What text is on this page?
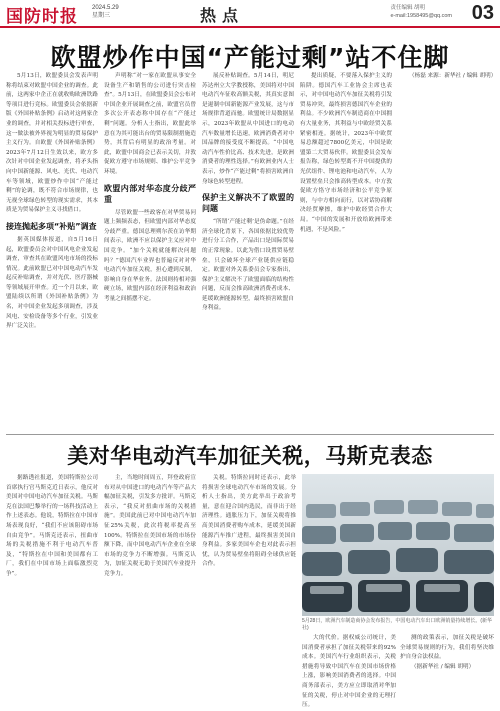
国防时报 2024.5.29
星期三	热点	责任编辑 胡明
e-mail:1958495@qq.com 03
欧盟炒作中国“产能过剩”站不住脚

5月13日，欧盟委员会发表声明称将结束对欧盟中国企业的调查。此前，这两家中企正在就收购欧洲铁路等项目进行竞标。欧盟委员会依据新版《外国补贴条例》启动对这两家企业的调查，并对相关投标进行审查，这一做法被外界视为明显的贸易保护主义行为。自欧盟《外国补贴条例》2023年7月12日生效以来，欧方多次针对中国企业发起调查，将矛头指向中国新能源、风电、光伏、电动汽车等领域，欧盟炒作中国“产能过剩”的论调，既不符合市场规律，也无视全球绿色转型的现实需求，其本质是为贸易保护主义寻找借口。

接连抛起多项“补贴”调查

据英国媒体报道，自5月16日起，欧盟委员会对中国风电企业发起调查，审查其在欧盟风电市场的投标情况。此前欧盟已对中国电动汽车发起反补贴调查，并对光伏、医疗器械等领域展开审查。近一个月以来，欧盟陆续以所谓《外国补贴条例》为名，对中国企业发起多项调查，涉及风电、安检设备等多个行业，引发业界广泛关注。

声明称“对一家在欧盟从事安全设备生产和销售的公司进行突击检查”。5月13日，在欧盟委员会公布对中国企业开展调查之前，欧盟官员曾多次公开表态称中国存在“产能过剩”问题。分析人士指出，欧盟此举意在为其可能出台的贸易限制措施造势，其背后有明显的政治考量。对此，欧盟中国商会已表示关切，并敦促欧方遵守市场规则、维护公平竞争环境。

欧盟内部对华态度分歧严重

尽管欧盟一些政客在对华贸易问题上频频表态，但欧盟内部对华态度分歧严重。德国总理朔尔茨在访华期间表示，欧洲不应以保护主义应对中国竞争。“加个关税就能解决问题吗？”德国汽车业界也普遍反对对华电动汽车加征关税，担心遭到反制，影响自身在华业务。法国则持相对强硬立场，欧盟内部在经济利益和政治考量之间摇摆不定。

展反补贴调查。5月14日，明尼苏达州立大学教授称，美国将对中国电动汽车征收高额关税，其真实意图是遏制中国新能源产业发展，这与市场规律背道而驰。欧盟统计局数据显示，2023年欧盟从中国进口的电动汽车数量增长迅速，欧洲消费者对中国品牌的接受度不断提高。“中国电动汽车性价比高、技术先进，是欧洲消费者的理性选择。”有欧洲业内人士表示，炒作“产能过剩”将损害欧洲自身绿色转型进程。

保护主义解决不了欧盟的问题

“所谓‘产能过剩’是伪命题。”在经济全球化背景下，各国依据比较优势进行分工合作，产品出口是国际贸易的正常现象。以此为借口设置贸易壁垒，只会破坏全球产业链供应链稳定。欧盟对外关系委员会专家指出，保护主义解决不了欧盟面临的结构性问题，反而会推高欧洲消费者成本、延缓欧洲能源转型，最终损害欧盟自身利益。

提出质疑，不要落入保护主义的陷阱。德国汽车工业协会主席也表示，对中国电动汽车加征关税将引发贸易冲突，最终损害德国汽车企业的利益。不少欧洲汽车制造商在中国拥有大量业务，其利益与中欧经贸关系紧密相连。据统计，2023年中欧贸易总额超过7800亿美元，中国是欧盟第二大贸易伙伴。欧盟委员会发布报告称，绿色转型离不开中国提供的光伏组件、锂电池和电动汽车，人为设置壁垒只会推高转型成本。中方敦促欧方恪守市场经济和公平竞争原则，与中方相向而行，以对话协商解决经贸摩擦，维护中欧经贸合作大局。“中国的发展和开放给欧洲带来机遇，不是风险。”

（杨磊 来源：新华社 / 编辑 胡明）

美对华电动汽车加征关税，马斯克表态

据路透社报道，美国特斯拉公司首席执行官马斯克近日表示，他反对美国对中国电动汽车加征关税。马斯克在法国巴黎举行的一场科技活动上作上述表态。他说，特斯拉在中国市场表现良好，“我们不应该阻碍市场自由竞争”。马斯克还表示，扭曲市场的关税措施不利于电动汽车普及，“特斯拉在中国和美国都有工厂，我们在中国市场上面临激烈竞争”。

主，当地时间周五，拜登政府宣布对从中国进口的电动汽车等产品大幅加征关税，引发多方批评。马斯克表示，“我反对扭曲市场的关税措施”。美国此前已对中国电动汽车加征25%关税，此次将税率提高至100%。特斯拉在美国市场的市场份额下降，而中国电动汽车企业在全球市场的竞争力不断增强。马斯克认为，加征关税无助于美国汽车业提升竞争力。

关税。特斯拉同时还表示，此举将损害全球电动汽车市场的发展。分析人士指出，美方此举出于政治考量，意在迎合国内选民，而非出于经济理性。通胀压力下，加征关税将推高美国消费者购车成本，延缓美国新能源汽车推广进程，最终损害美国自身利益。多家美国车企也对此表示担忧，认为贸易壁垒将阻碍全球供应链合作。

5月28日，欧洲汽车制造商协会发布报告，中国电动汽车出口欧洲销量持续增长。(新华社)

大的代价。据权威公司统计，美国消费者承担了加征关税带来的92%成本。美国汽车行业组织表示，关税措施将导致中国汽车在美国市场价格上涨，影响美国消费者的选择。中国商务部表示，美方应立即取消对华加征的关税，停止对中国企业的无理打压。

测的政策表示，加征关税是破坏全球贸易规则的行为，我们将坚决维护自身合法权益。

（据新华社 / 编辑 胡明）
